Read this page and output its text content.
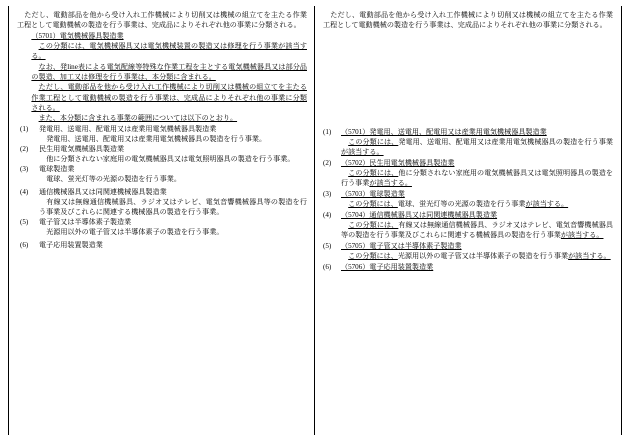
ただし、電動部品を他から受け入れ工作機械により切削又は機械の組立てを主たる作業工程として電動機械の製造を行う事業は、完成品によりそれぞれ他の事業に分類される。

（5701）電気機械器具製造業

この分類には、電気機械器具又は電気機械装置の製造又は修理を行う事業が該当する。

なお、発line表による電気配線等特殊な作業工程を主とする電気機械器具又は部分品の製造、加工又は修理を行う事業は、本分類に含まれる。

ただし、電動部品を他から受け入れ工作機械により切削又は機械の組立てを主たる作業工程として電動機械の製造を行う事業は、完成品によりそれぞれ他の事業に分類される。

また、本分類に含まれる事業の範囲については以下のとおり。

(1)	発電用、送電用、配電用又は産業用電気機械器具製造業

発電用、送電用、配電用又は産業用電気機械器具の製造を行う事業。

(2)	民生用電気機械器具製造業

他に分類されない家庭用の電気機械器具又は電気照明器具の製造を行う事業。

(3)	電球製造業

電球、蛍光灯等の光源の製造を行う事業。

(4)	通信機械器具又は同関連機械器具製造業

有線又は無線通信機械器具、ラジオ又はテレビ、電気音響機械器具等の製造を行う事業及びこれらに関連する機械器具の製造を行う事業。

(5)	電子管又は半導体素子製造業

光源用以外の電子管又は半導体素子の製造を行う事業。

(6)	電子応用装置製造業

ただし、電動部品を他から受け入れ工作機械により切削又は機械の組立てを主たる作業工程として電動機械の製造を行う事業は、完成品によりそれぞれ他の事業に分類される。

(1)	（5701）発電用、送電用、配電用又は産業用電気機械器具製造業

この分類には、発電用、送電用、配電用又は産業用電気機械器具の製造を行う事業が該当する。

(2)	（5702）民生用電気機械器具製造業

この分類には、他に分類されない家庭用の電気機械器具又は電気照明器具の製造を行う事業が該当する。

(3)	（5703）電球製造業

この分類には、電球、蛍光灯等の光源の製造を行う事業が該当する。

(4)	（5704）通信機械器具又は同関連機械器具製造業

この分類には、有線又は無線通信機械器具、ラジオ又はテレビ、電気音響機械器具等の製造を行う事業及びこれらに関連する機械器具の製造を行う事業が該当する。

(5)	（5705）電子管又は半導体素子製造業

この分類には、光源用以外の電子管又は半導体素子の製造を行う事業が該当する。

(6)	（5706）電子応用装置製造業
